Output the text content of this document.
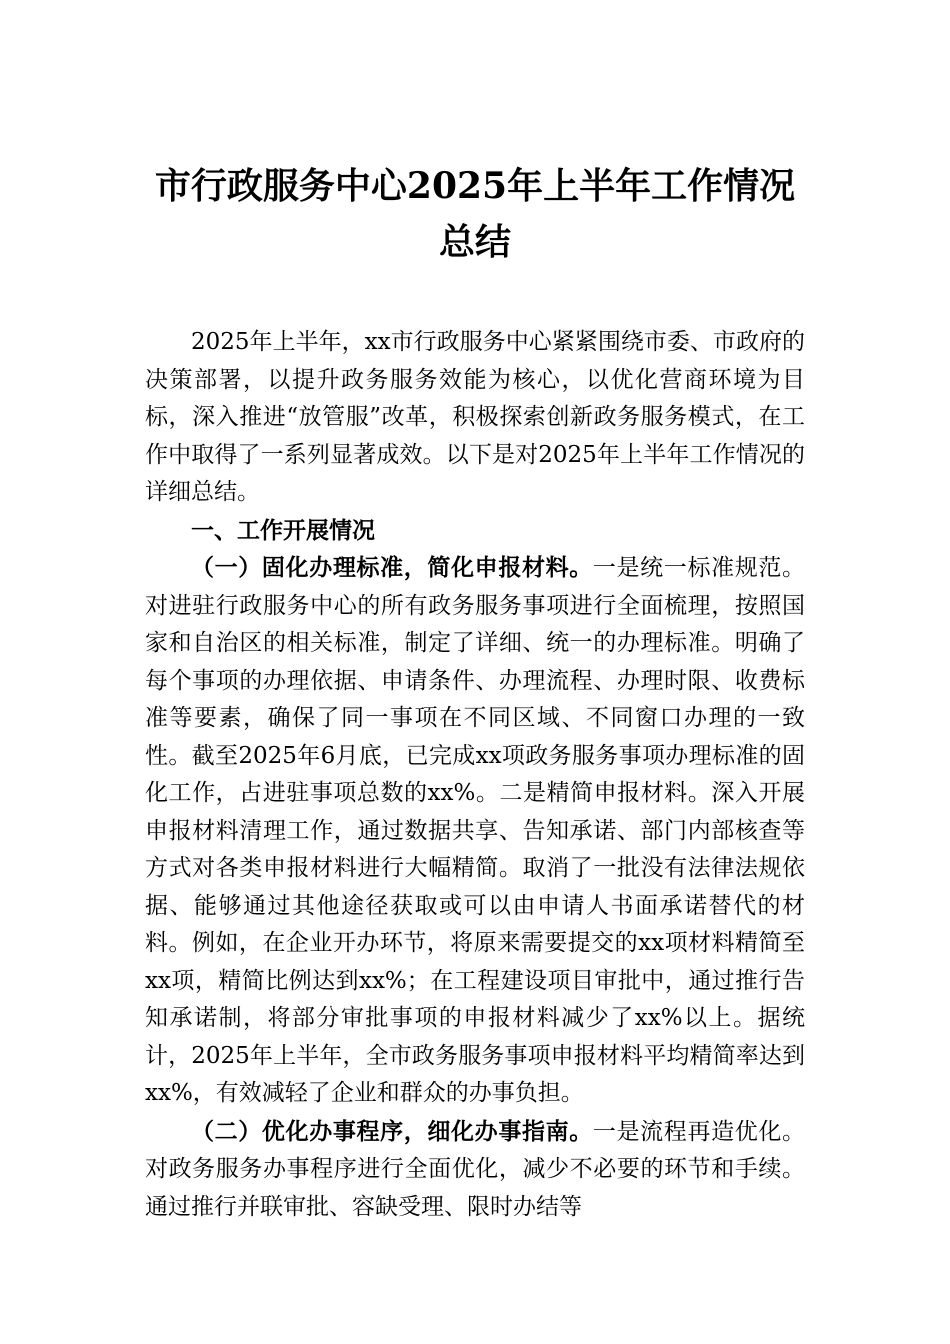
市行政服务中心2025年上半年工作情况总结

2025年上半年，xx市行政服务中心紧紧围绕市委、市政府的决策部署，以提升政务服务效能为核心，以优化营商环境为目标，深入推进“放管服”改革，积极探索创新政务服务模式，在工作中取得了一系列显著成效。以下是对2025年上半年工作情况的详细总结。

一、工作开展情况

（一）固化办理标准，简化申报材料。一是统一标准规范。对进驻行政服务中心的所有政务服务事项进行全面梳理，按照国家和自治区的相关标准，制定了详细、统一的办理标准。明确了每个事项的办理依据、申请条件、办理流程、办理时限、收费标准等要素，确保了同一事项在不同区域、不同窗口办理的一致性。截至2025年6月底，已完成xx项政务服务事项办理标准的固化工作，占进驻事项总数的xx%。二是精简申报材料。深入开展申报材料清理工作，通过数据共享、告知承诺、部门内部核查等方式对各类申报材料进行大幅精简。取消了一批没有法律法规依据、能够通过其他途径获取或可以由申请人书面承诺替代的材料。例如，在企业开办环节，将原来需要提交的xx项材料精简至xx项，精简比例达到xx%；在工程建设项目审批中，通过推行告知承诺制，将部分审批事项的申报材料减少了xx%以上。据统计，2025年上半年，全市政务服务事项申报材料平均精简率达到xx%，有效减轻了企业和群众的办事负担。

（二）优化办事程序，细化办事指南。一是流程再造优化。对政务服务办事程序进行全面优化，减少不必要的环节和手续。通过推行并联审批、容缺受理、限时办结等
